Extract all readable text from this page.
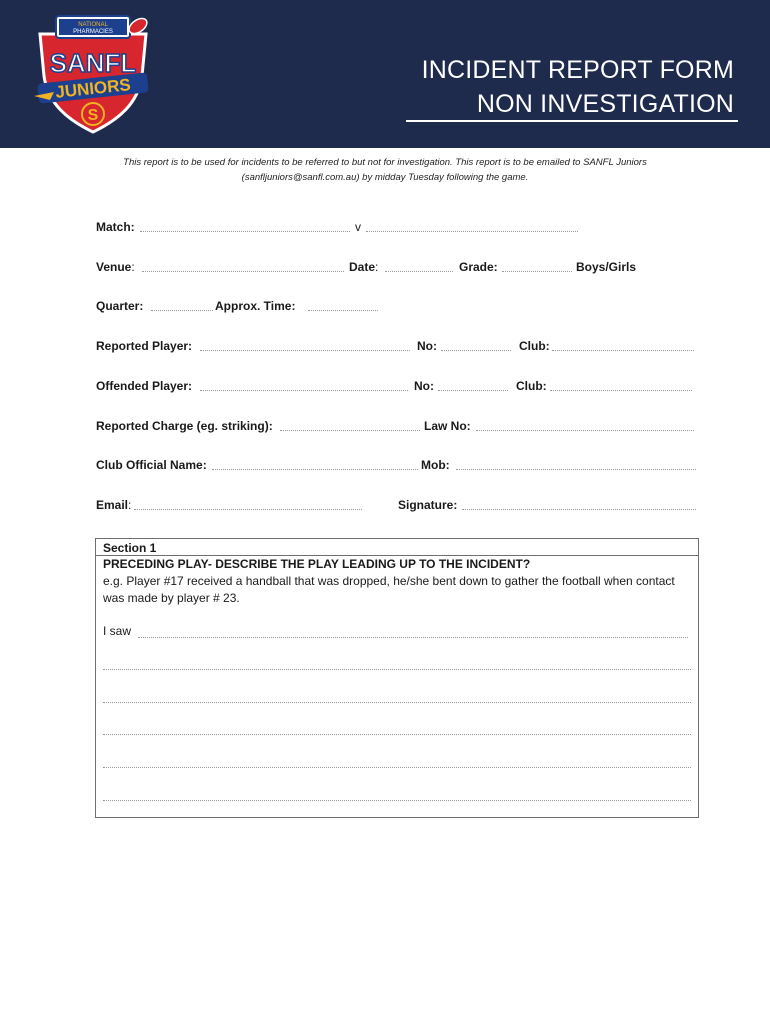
NATIONAL
PHARMACIES
SANFL
JUNIORS
S
INCIDENT REPORT FORM
NON INVESTIGATION
This report is to be used for incidents to be referred to but not for investigation. This report is to be emailed to SANFL Juniors
(sanfljuniors@sanfl.com.au) by midday Tuesday following the game.
Match:	v
Venue:	Date:	Grade:	Boys/Girls
Quarter:	Approx. Time:
Reported Player:	No:	Club:
Offended Player:	No:	Club:
Reported Charge (eg. striking):	Law No:
Club Official Name:	Mob:
Email:	Signature:
Section 1
PRECEDING PLAY- DESCRIBE THE PLAY LEADING UP TO THE INCIDENT?
e.g. Player #17 received a handball that was dropped, he/she bent down to gather the football when contact was made by player # 23.
I saw
